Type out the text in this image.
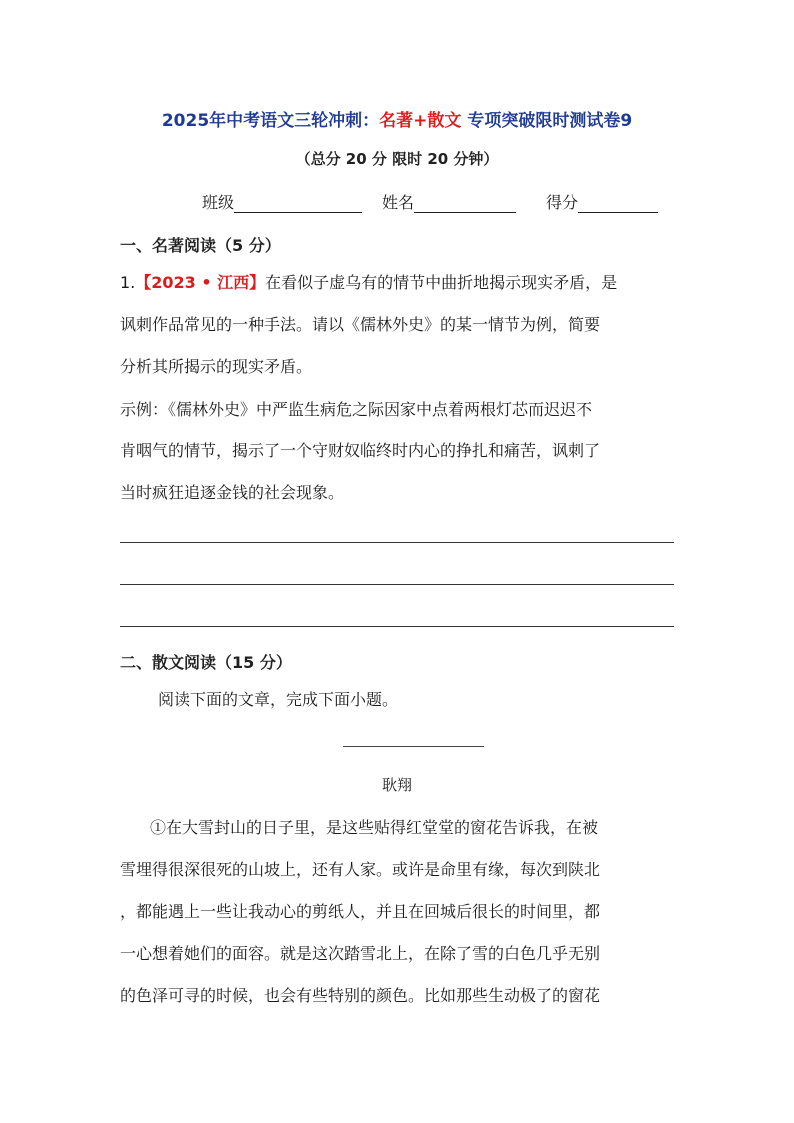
2025年中考语文三轮冲刺：名著+散文 专项突破限时测试卷9
（总分 20 分 限时 20 分钟）
班级	姓名	得分
一、名著阅读（5 分）
1.【2023 • 江西】在看似子虚乌有的情节中曲折地揭示现实矛盾，是
讽刺作品常见的一种手法。请以《儒林外史》的某一情节为例，简要
分析其所揭示的现实矛盾。
示例：《儒林外史》中严监生病危之际因家中点着两根灯芯而迟迟不
肯咽气的情节，揭示了一个守财奴临终时内心的挣扎和痛苦，讽刺了
当时疯狂追逐金钱的社会现象。
二、散文阅读（15 分）
阅读下面的文章，完成下面小题。
耿翔
①在大雪封山的日子里，是这些贴得红堂堂的窗花告诉我，在被
雪埋得很深很死的山坡上，还有人家。或许是命里有缘，每次到陕北
，都能遇上一些让我动心的剪纸人，并且在回城后很长的时间里，都
一心想着她们的面容。就是这次踏雪北上，在除了雪的白色几乎无别
的色泽可寻的时候，也会有些特别的颜色。比如那些生动极了的窗花
